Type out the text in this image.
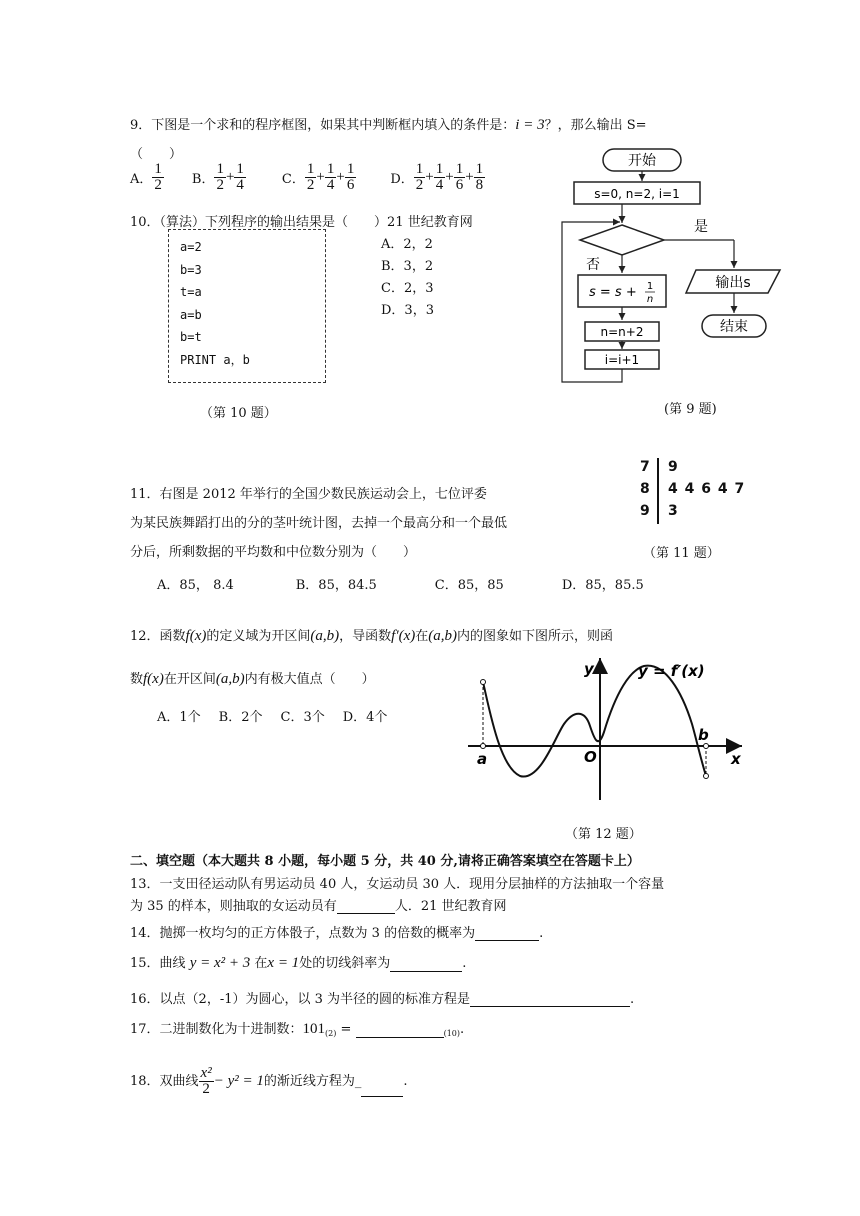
9．下图是一个求和的程序框图，如果其中判断框内填入的条件是：i = 3？，那么输出 S=
（　　）
A． $\frac{1}{2}$ B． $\frac{1}{2} + \frac{1}{4}$	C． $\frac{1}{2} + \frac{1}{4} + \frac{1}{6}$	D． $\frac{1}{2} + \frac{1}{4} + \frac{1}{6} + \frac{1}{8}$
开始
s=0, n=2, i=1
是
否
s = s + 1
n
n=n+2
i=i+1
输出s
结束
(第 9 题)
10．（算法）下列程序的输出结果是（　　）21 世纪教育网
a=2
b=3
t=a
a=b
b=t
PRINT a，b
A．2，2
B．3，2
C．2，3
D．3，3
（第 10 题）
11．右图是 2012 年举行的全国少数民族运动会上，七位评委
为某民族舞蹈打出的分的茎叶统计图，去掉一个最高分和一个最低
分后，所剩数据的平均数和中位数分别为（　　）
A．85， 8.4	B．85，84.5	C．85，85	D．85，85.5
7 9
8 4 4 6 4 7
9 3
（第 11 题）
12．函数f(x)的定义域为开区间(a,b)，导函数f′(x)在(a,b)内的图象如下图所示，则函
数f(x)在开区间(a,b)内有极大值点（　　）
A．1个 B．2个 C．3个 D．4个
y
x
O
a
b
y = f′(x)
（第 12 题）
二、填空题（本大题共 8 小题，每小题 5 分，共 40 分,请将正确答案填空在答题卡上）
13．一支田径运动队有男运动员 40 人，女运动员 30 人．现用分层抽样的方法抽取一个容量
为 35 的样本，则抽取的女运动员有	人．21 世纪教育网
14．抛掷一枚均匀的正方体骰子，点数为 3 的倍数的概率为	.
15．曲线 y = x² + 3 在x = 1处的切线斜率为	.
16．以点（2，-1）为圆心，以 3 为半径的圆的标准方程是	.
17．二进制数化为十进制数：$101_{(2)}$ =	$_{(10)}$.
18．双曲线 $\frac{\text{x²}}{2} - y^2 = 1$的渐近线方程为_	.
